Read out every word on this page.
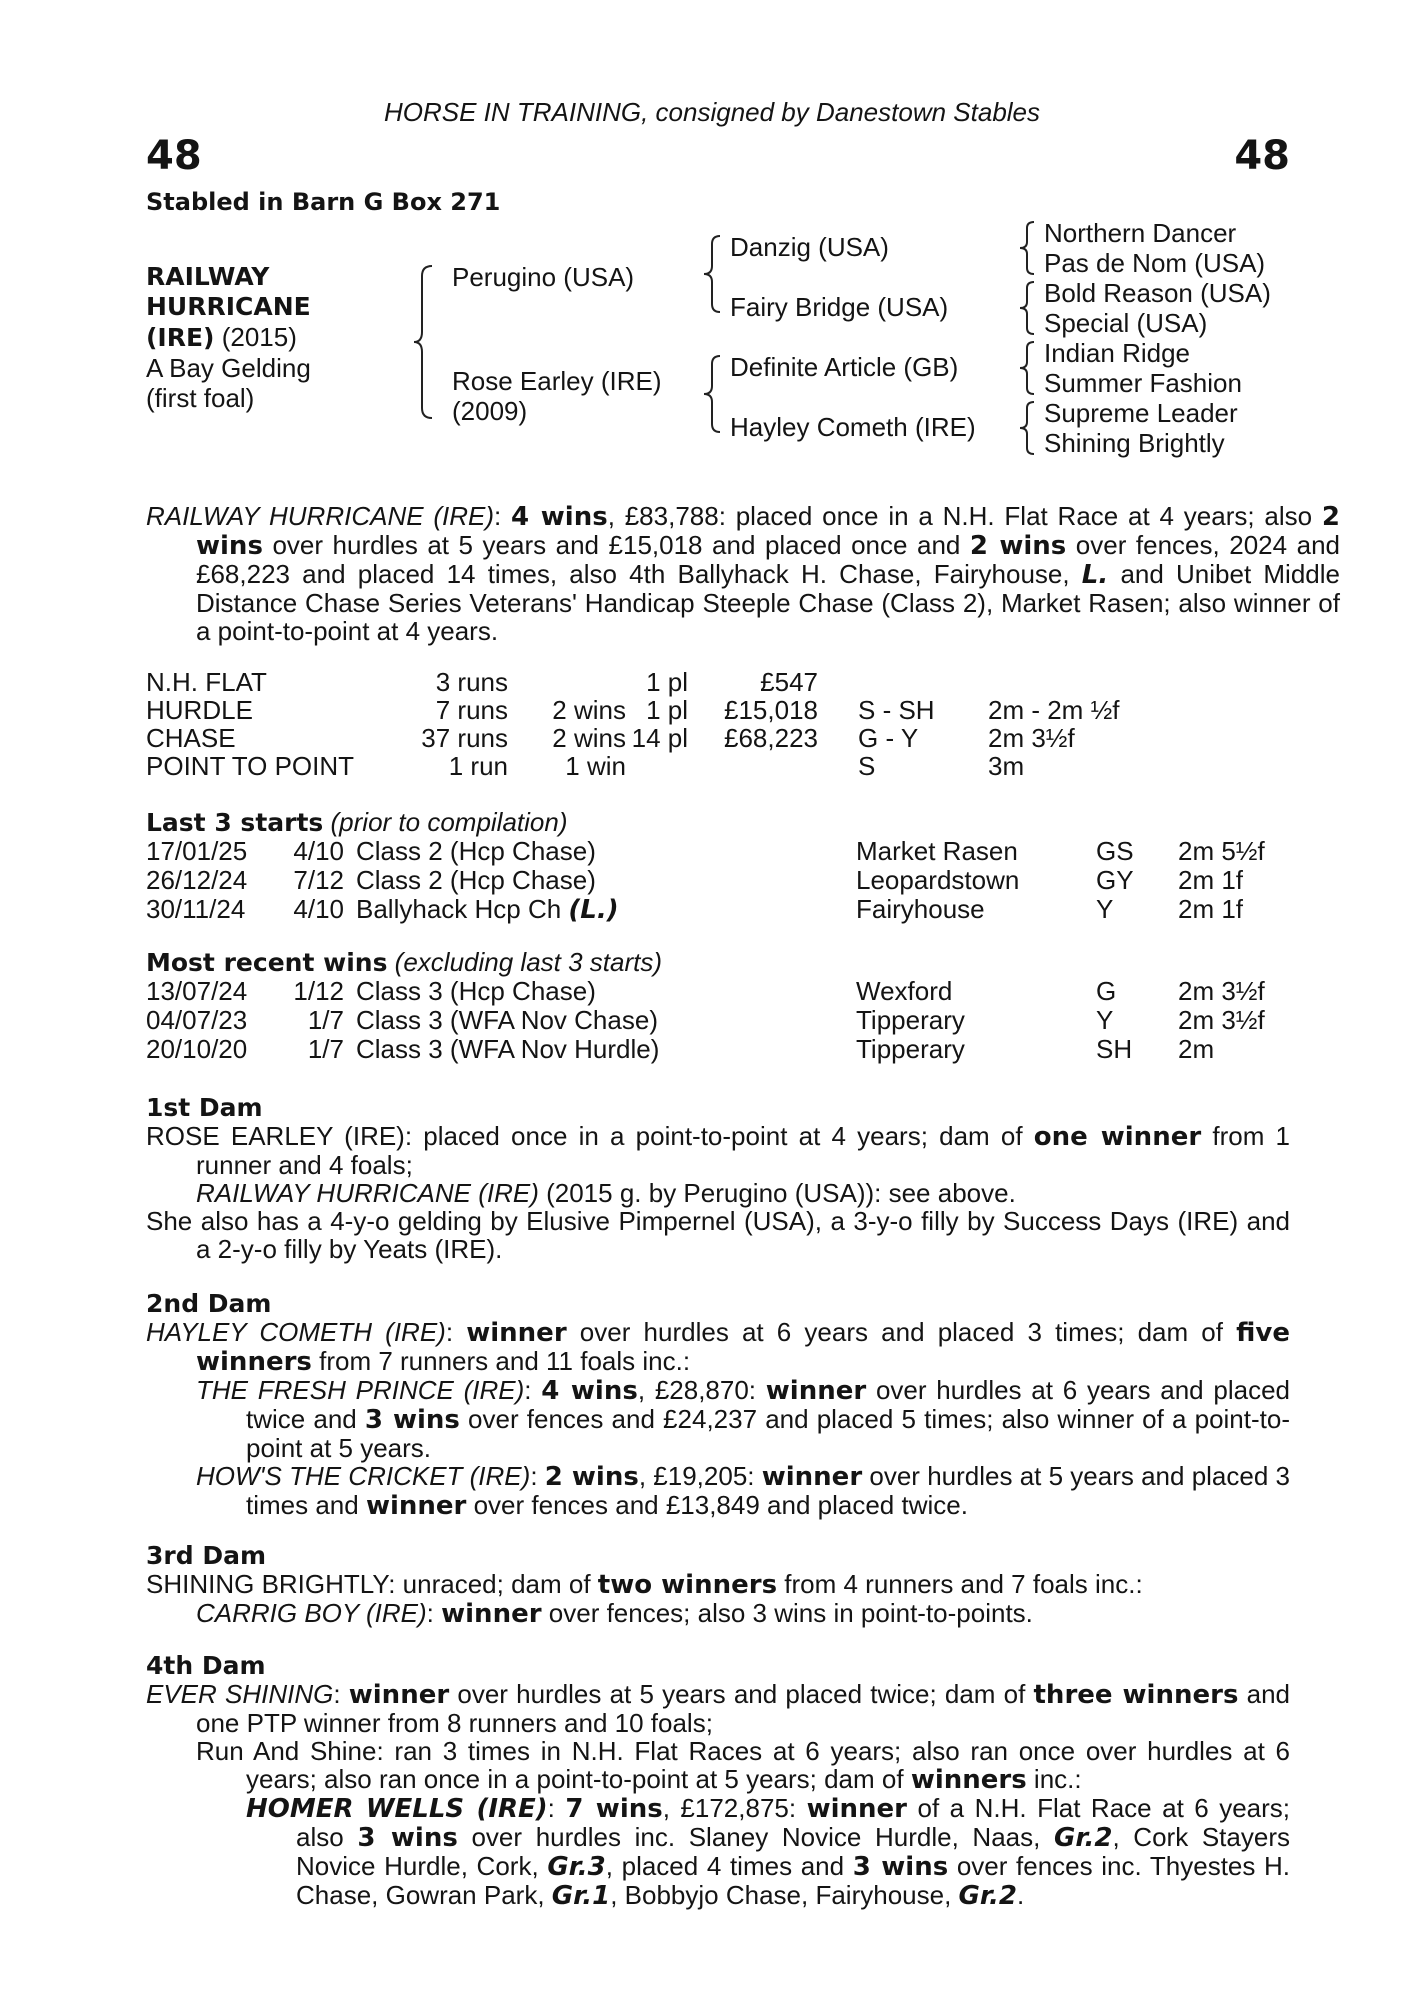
HORSE IN TRAINING, consigned by Danestown Stables
48	48
Stabled in Barn G Box 271
RAILWAY
HURRICANE
(IRE) (2015)
A Bay Gelding
(first foal)
Perugino (USA)
Rose Earley (IRE)
(2009)
Danzig (USA)
Fairy Bridge (USA)
Definite Article (GB)
Hayley Cometh (IRE)
Northern Dancer
Pas de Nom (USA)
Bold Reason (USA)
Special (USA)
Indian Ridge
Summer Fashion
Supreme Leader
Shining Brightly
RAILWAY HURRICANE (IRE): 4 wins, £83,788: placed once in a N.H. Flat Race at 4 years; also 2 wins over hurdles at 5 years and £15,018 and placed once and 2 wins over fences, 2024 and £68,223 and placed 14 times, also 4th Ballyhack H. Chase, Fairyhouse, L. and Unibet Middle Distance Chase Series Veterans' Handicap Steeple Chase (Class 2), Market Rasen; also winner of a point-to-point at 4 years.
N.H. FLAT	3 runs		1 pl	£547		
HURDLE	7 runs	2 wins	1 pl	£15,018	S - SH	2m - 2m ½f
CHASE	37 runs	2 wins	14 pl	£68,223	G - Y	2m 3½f
POINT TO POINT	1 run	1 win			S	3m
Last 3 starts (prior to compilation)
17/01/25	4/10	Class 2 (Hcp Chase)	Market Rasen	GS	2m 5½f
26/12/24	7/12	Class 2 (Hcp Chase)	Leopardstown	GY	2m 1f
30/11/24	4/10	Ballyhack Hcp Ch (L.)	Fairyhouse	Y	2m 1f
Most recent wins (excluding last 3 starts)
13/07/24	1/12	Class 3 (Hcp Chase)	Wexford	G	2m 3½f
04/07/23	1/7	Class 3 (WFA Nov Chase)	Tipperary	Y	2m 3½f
20/10/20	1/7	Class 3 (WFA Nov Hurdle)	Tipperary	SH	2m
1st Dam
ROSE EARLEY (IRE): placed once in a point-to-point at 4 years; dam of one winner from 1 runner and 4 foals;
RAILWAY HURRICANE (IRE) (2015 g. by Perugino (USA)): see above.
She also has a 4-y-o gelding by Elusive Pimpernel (USA), a 3-y-o filly by Success Days (IRE) and a 2-y-o filly by Yeats (IRE).
2nd Dam
HAYLEY COMETH (IRE): winner over hurdles at 6 years and placed 3 times; dam of five winners from 7 runners and 11 foals inc.:
THE FRESH PRINCE (IRE): 4 wins, £28,870: winner over hurdles at 6 years and placed twice and 3 wins over fences and £24,237 and placed 5 times; also winner of a point-to-point at 5 years.
HOW'S THE CRICKET (IRE): 2 wins, £19,205: winner over hurdles at 5 years and placed 3 times and winner over fences and £13,849 and placed twice.
3rd Dam
SHINING BRIGHTLY: unraced; dam of two winners from 4 runners and 7 foals inc.:
CARRIG BOY (IRE): winner over fences; also 3 wins in point-to-points.
4th Dam
EVER SHINING: winner over hurdles at 5 years and placed twice; dam of three winners and one PTP winner from 8 runners and 10 foals;
Run And Shine: ran 3 times in N.H. Flat Races at 6 years; also ran once over hurdles at 6 years; also ran once in a point-to-point at 5 years; dam of winners inc.:
HOMER WELLS (IRE): 7 wins, £172,875: winner of a N.H. Flat Race at 6 years; also 3 wins over hurdles inc. Slaney Novice Hurdle, Naas, Gr.2, Cork Stayers Novice Hurdle, Cork, Gr.3, placed 4 times and 3 wins over fences inc. Thyestes H. Chase, Gowran Park, Gr.1, Bobbyjo Chase, Fairyhouse, Gr.2.
